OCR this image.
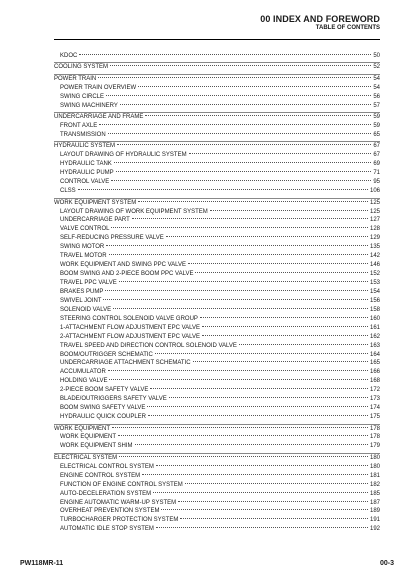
00 INDEX AND FOREWORD
TABLE OF CONTENTS
KDOC	50
COOLING SYSTEM	52
POWER TRAIN	54
POWER TRAIN OVERVIEW	54
SWING CIRCLE	56
SWING MACHINERY	57
UNDERCARRIAGE AND FRAME	59
FRONT AXLE	59
TRANSMISSION	65
HYDRAULIC SYSTEM	67
LAYOUT DRAWING OF HYDRAULIC SYSTEM	67
HYDRAULIC TANK	69
HYDRAULIC PUMP	71
CONTROL VALVE	95
CLSS	106
WORK EQUIPMENT SYSTEM	125
LAYOUT DRAWING OF WORK EQUIPMENT SYSTEM	125
UNDERCARRIAGE PART	127
VALVE CONTROL	128
SELF-REDUCING PRESSURE VALVE	129
SWING MOTOR	135
TRAVEL MOTOR	142
WORK EQUIPMENT AND SWING PPC VALVE	146
BOOM SWING AND 2-PIECE BOOM PPC VALVE	152
TRAVEL PPC VALVE	153
BRAKES PUMP	154
SWIVEL JOINT	156
SOLENOID VALVE	158
STEERING CONTROL SOLENOID VALVE GROUP	160
1-ATTACHMENT FLOW ADJUSTMENT EPC VALVE	161
2-ATTACHMENT FLOW ADJUSTMENT EPC VALVE	162
TRAVEL SPEED AND DIRECTION CONTROL SOLENOID VALVE	163
BOOM/OUTRIGGER SCHEMATIC	164
UNDERCARRIAGE ATTACHMENT SCHEMATIC	165
ACCUMULATOR	166
HOLDING VALVE	168
2-PIECE BOOM SAFETY VALVE	172
BLADE/OUTRIGGERS SAFETY VALVE	173
BOOM SWING SAFETY VALVE	174
HYDRAULIC QUICK COUPLER	175
WORK EQUIPMENT	178
WORK EQUIPMENT	178
WORK EQUIPMENT SHIM	179
ELECTRICAL SYSTEM	180
ELECTRICAL CONTROL SYSTEM	180
ENGINE CONTROL SYSTEM	181
FUNCTION OF ENGINE CONTROL SYSTEM	182
AUTO-DECELERATION SYSTEM	185
ENGINE AUTOMATIC WARM-UP SYSTEM	187
OVERHEAT PREVENTION SYSTEM	189
TURBOCHARGER PROTECTION SYSTEM	191
AUTOMATIC IDLE STOP SYSTEM	192
PW118MR-11	00-3
